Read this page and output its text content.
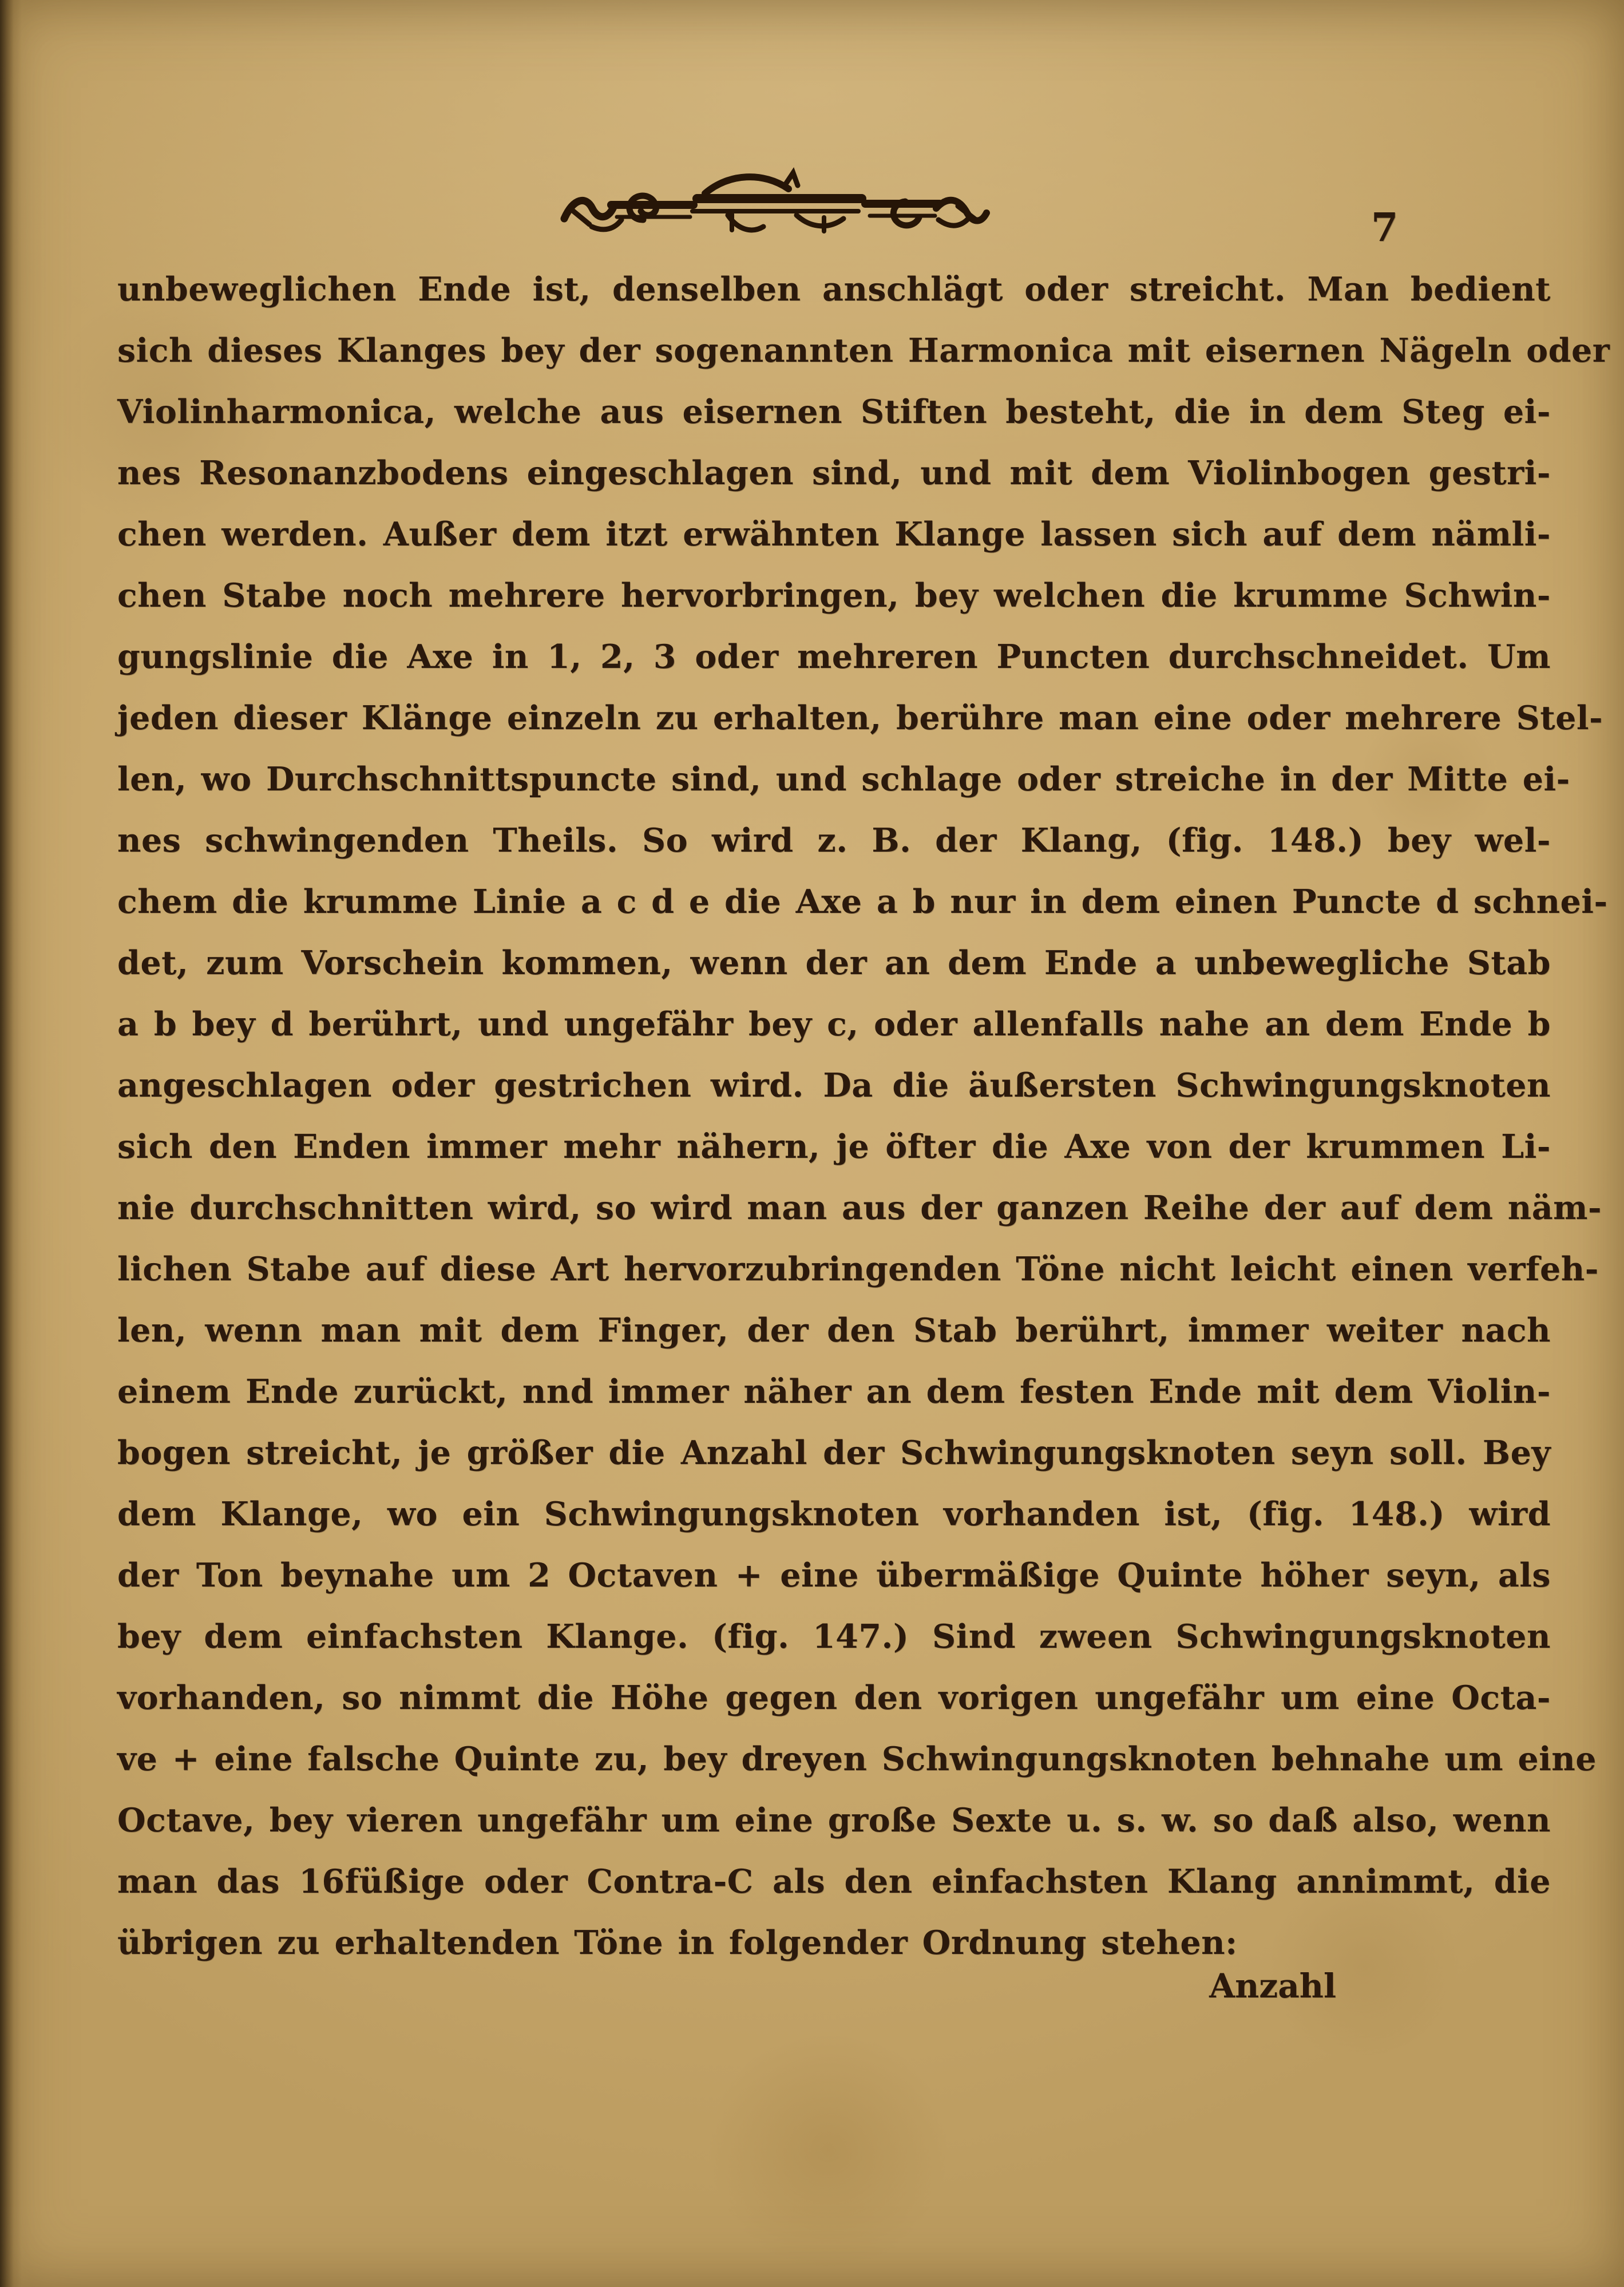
7
unbeweglichen Ende ist, denselben anschlägt oder streicht. Man bedient
sich dieses Klanges bey der sogenannten Harmonica mit eisernen Nägeln oder
Violinharmonica, welche aus eisernen Stiften besteht, die in dem Steg ei-
nes Resonanzbodens eingeschlagen sind, und mit dem Violinbogen gestri-
chen werden. Außer dem itzt erwähnten Klange lassen sich auf dem nämli-
chen Stabe noch mehrere hervorbringen, bey welchen die krumme Schwin-
gungslinie die Axe in 1, 2, 3 oder mehreren Puncten durchschneidet. Um
jeden dieser Klänge einzeln zu erhalten, berühre man eine oder mehrere Stel-
len, wo Durchschnittspuncte sind, und schlage oder streiche in der Mitte ei-
nes schwingenden Theils. So wird z. B. der Klang, (fig. 148.) bey wel-
chem die krumme Linie a c d e die Axe a b nur in dem einen Puncte d schnei-
det, zum Vorschein kommen, wenn der an dem Ende a unbewegliche Stab
a b bey d berührt, und ungefähr bey c, oder allenfalls nahe an dem Ende b
angeschlagen oder gestrichen wird. Da die äußersten Schwingungsknoten
sich den Enden immer mehr nähern, je öfter die Axe von der krummen Li-
nie durchschnitten wird, so wird man aus der ganzen Reihe der auf dem näm-
lichen Stabe auf diese Art hervorzubringenden Töne nicht leicht einen verfeh-
len, wenn man mit dem Finger, der den Stab berührt, immer weiter nach
einem Ende zurückt, nnd immer näher an dem festen Ende mit dem Violin-
bogen streicht, je größer die Anzahl der Schwingungsknoten seyn soll. Bey
dem Klange, wo ein Schwingungsknoten vorhanden ist, (fig. 148.) wird
der Ton beynahe um 2 Octaven + eine übermäßige Quinte höher seyn, als
bey dem einfachsten Klange. (fig. 147.) Sind zween Schwingungsknoten
vorhanden, so nimmt die Höhe gegen den vorigen ungefähr um eine Octa-
ve + eine falsche Quinte zu, bey dreyen Schwingungsknoten behnahe um eine
Octave, bey vieren ungefähr um eine große Sexte u. s. w. so daß also, wenn
man das 16füßige oder Contra-C als den einfachsten Klang annimmt, die
übrigen zu erhaltenden Töne in folgender Ordnung stehen:
Anzahl
